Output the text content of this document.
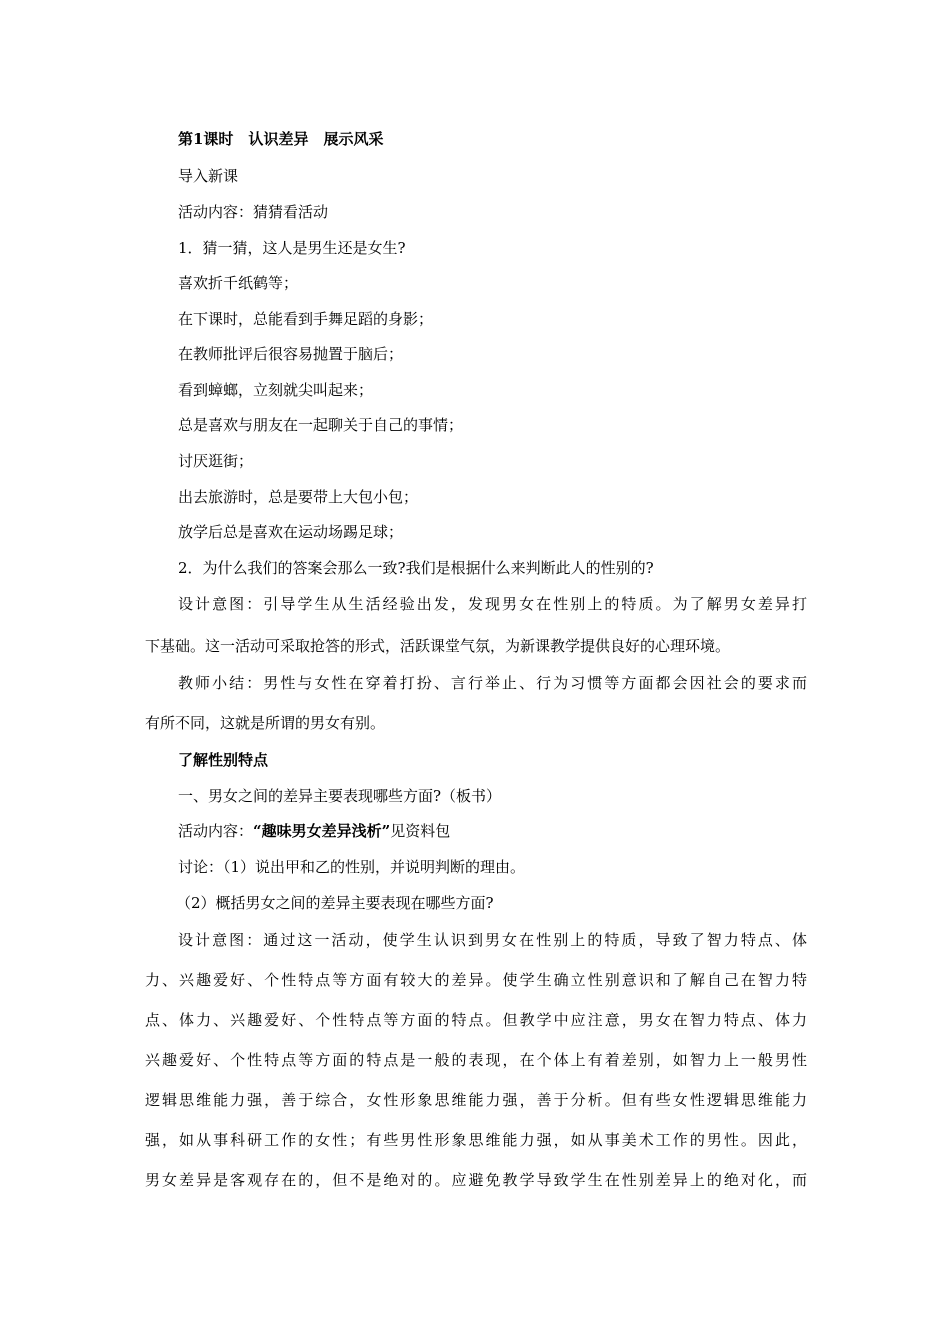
第1课时　认识差异　展示风采
导入新课
活动内容：猜猜看活动
1．猜一猜，这人是男生还是女生?
喜欢折千纸鹤等；
在下课时，总能看到手舞足蹈的身影；
在教师批评后很容易抛置于脑后；
看到蟑螂，立刻就尖叫起来；
总是喜欢与朋友在一起聊关于自己的事情；
讨厌逛街；
出去旅游时，总是要带上大包小包；
放学后总是喜欢在运动场踢足球；
2．为什么我们的答案会那么一致?我们是根据什么来判断此人的性别的?
设计意图：引导学生从生活经验出发，发现男女在性别上的特质。为了解男女差异打
下基础。这一活动可采取抢答的形式，活跃课堂气氛，为新课教学提供良好的心理环境。
教师小结：男性与女性在穿着打扮、言行举止、行为习惯等方面都会因社会的要求而
有所不同，这就是所谓的男女有别。
了解性别特点
一、男女之间的差异主要表现哪些方面?（板书）
活动内容：“趣味男女差异浅析”见资料包
讨论：（1）说出甲和乙的性别，并说明判断的理由。
（2）概括男女之间的差异主要表现在哪些方面?
设计意图：通过这一活动，使学生认识到男女在性别上的特质，导致了智力特点、体
力、兴趣爱好、个性特点等方面有较大的差异。使学生确立性别意识和了解自己在智力特
点、体力、兴趣爱好、个性特点等方面的特点。但教学中应注意，男女在智力特点、体力
兴趣爱好、个性特点等方面的特点是一般的表现，在个体上有着差别，如智力上一般男性
逻辑思维能力强，善于综合，女性形象思维能力强，善于分析。但有些女性逻辑思维能力
强，如从事科研工作的女性；有些男性形象思维能力强，如从事美术工作的男性。因此，
男女差异是客观存在的，但不是绝对的。应避免教学导致学生在性别差异上的绝对化，而
